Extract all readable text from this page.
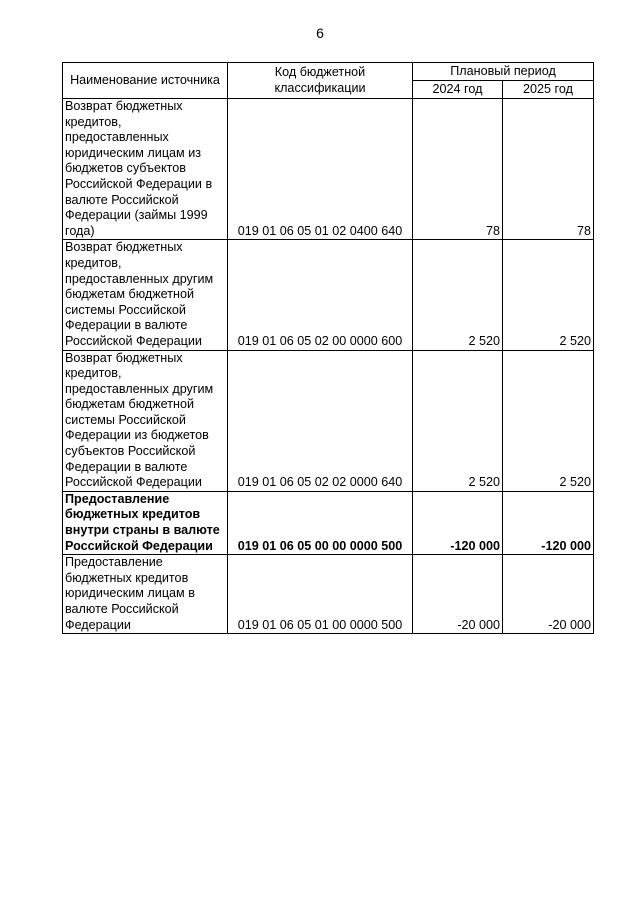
6
Наименование источника	Код бюджетной классификации	Плановый период	
		2024 год	2025 год
Возврат бюджетных кредитов, предоставленных юридическим лицам из бюджетов субъектов Российской Федерации в валюте Российской Федерации (займы 1999 года)	019 01 06 05 01 02 0400 640	78	78
Возврат бюджетных кредитов, предоставленных другим бюджетам бюджетной системы Российской Федерации в валюте Российской Федерации	019 01 06 05 02 00 0000 600	2 520	2 520
Возврат бюджетных кредитов, предоставленных другим бюджетам бюджетной системы Российской Федерации из бюджетов субъектов Российской Федерации в валюте Российской Федерации	019 01 06 05 02 02 0000 640	2 520	2 520
Предоставление бюджетных кредитов внутри страны в валюте Российской Федерации	019 01 06 05 00 00 0000 500	-120 000	-120 000
Предоставление бюджетных кредитов юридическим лицам в валюте Российской Федерации	019 01 06 05 01 00 0000 500	-20 000	-20 000
